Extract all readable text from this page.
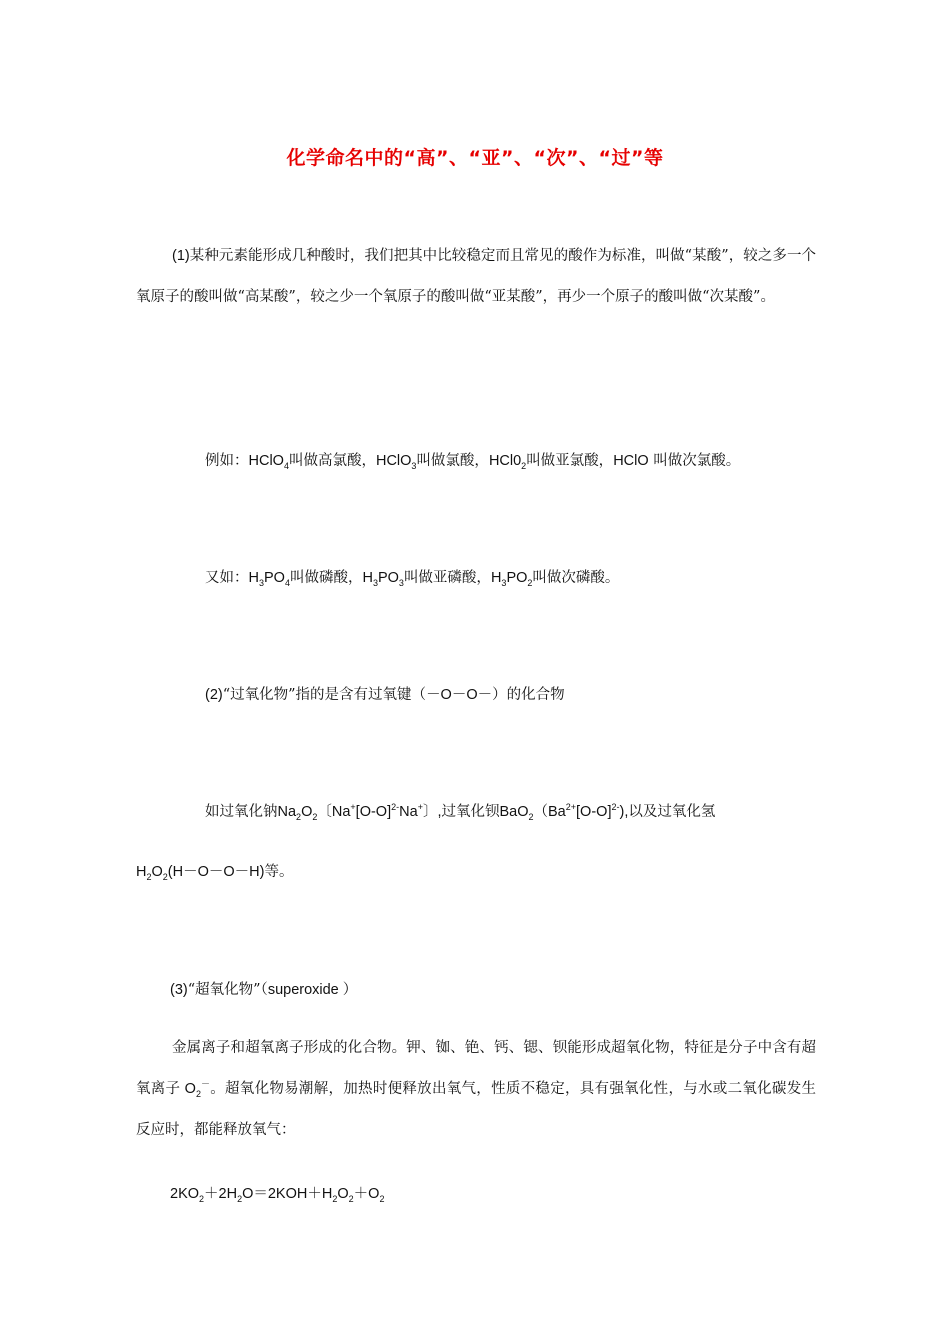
化学命名中的“高”、“亚”、“次”、“过”等
(1)某种元素能形成几种酸时，我们把其中比较稳定而且常见的酸作为标准，叫做“某酸”，较之多一个氧原子的酸叫做“高某酸”，较之少一个氧原子的酸叫做“亚某酸”，再少一个原子的酸叫做“次某酸”。
例如：HClO$_4$叫做高氯酸，HClO$_3$叫做氯酸，$HCl0_2$叫做亚氯酸，HClO 叫做次氯酸。
又如：$H_3PO_4$叫做磷酸，$H_3PO_3$叫做亚磷酸，$H_3PO_2$叫做次磷酸。
(2)“过氧化物”指的是含有过氧键（－O－O－）的化合物
如过氧化钠$Na_2O_2$〔$Na^+[O-O]^{2-}Na^+$〕,过氧化钡$BaO_2(Ba^{2+}[O-O]^{2-})$,以及过氧化氢
$H_2O_2(H-O-O-H)$等。
(3)“超氧化物”（superoxide ）
金属离子和超氧离子形成的化合物。钾、铷、铯、钙、锶、钡能形成超氧化物，特征是分子中含有超氧离子 $O_2^-$。超氧化物易潮解，加热时便释放出氧气，性质不稳定，具有强氧化性，与水或二氧化碳发生反应时，都能释放氧气：
$2KO_2+2H_2O=2KOH+H_2O_2+O_2$
